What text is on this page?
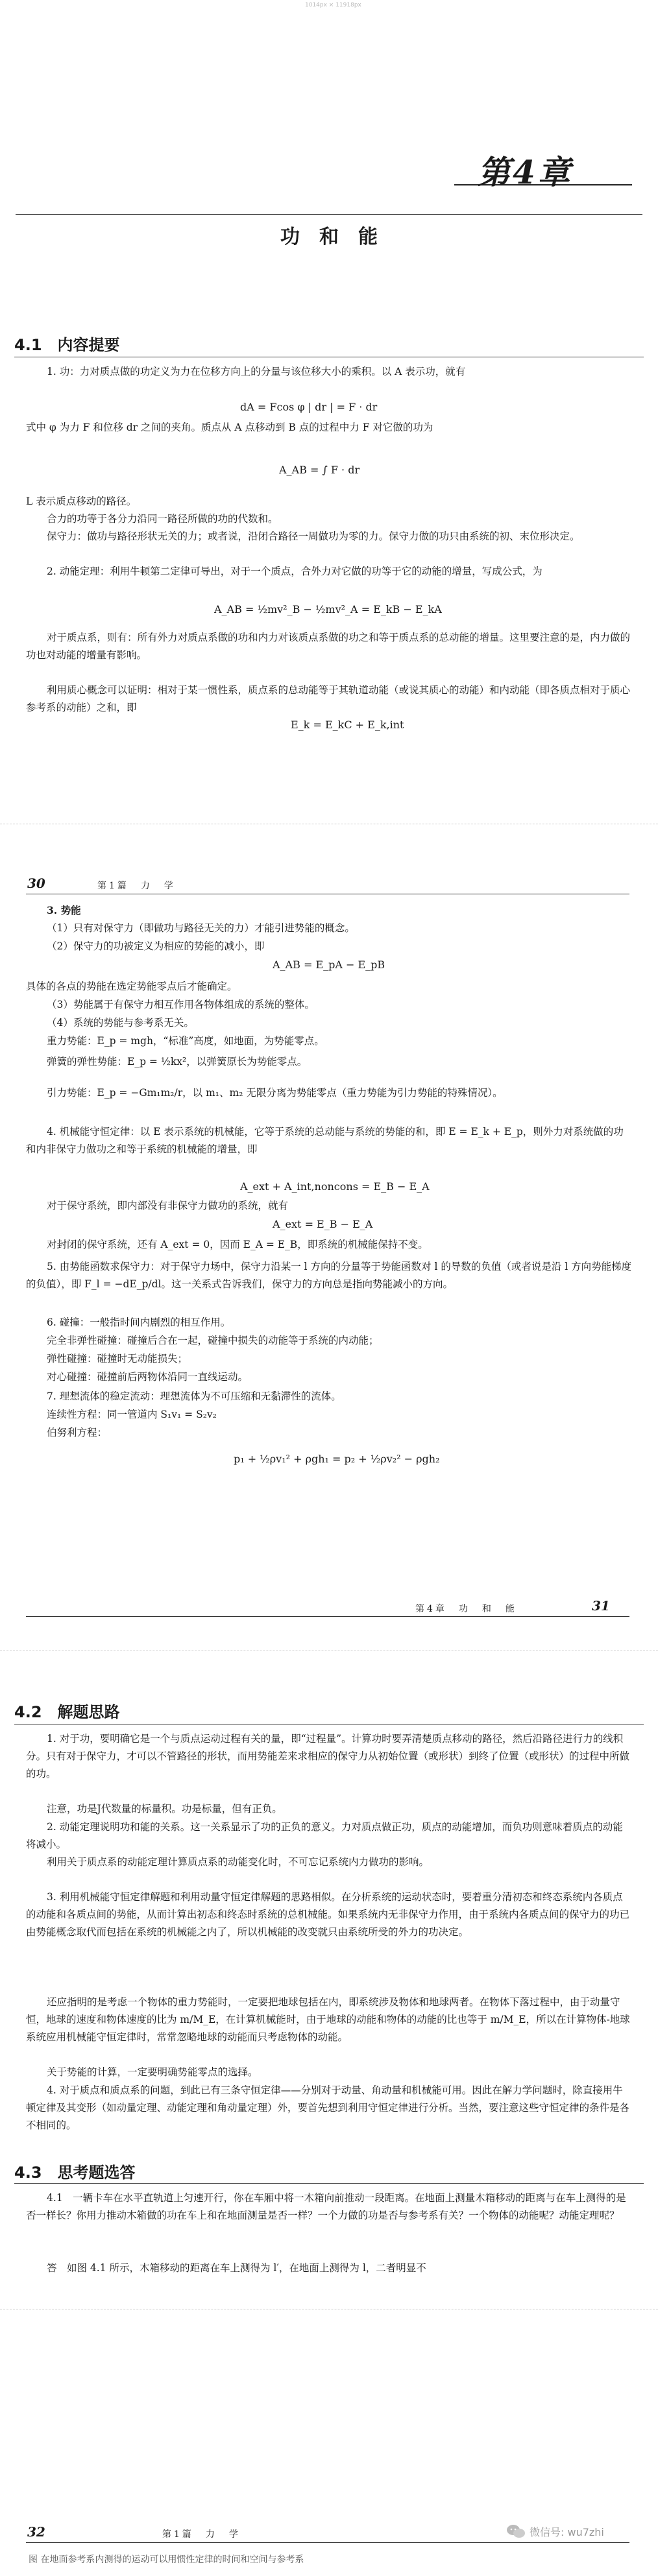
1014px × 11918px
第4章
功　和　能
4.1　内容提要

1. 功：力对质点做的功定义为力在位移方向上的分量与该位移大小的乘积。以 A 表示功，就有

dA = Fcos φ | dr | = F · dr

式中 φ 为力 F 和位移 dr 之间的夹角。质点从 A 点移动到 B 点的过程中力 F 对它做的功为

A_AB = ∫ F · dr

L 表示质点移动的路径。

合力的功等于各分力沿同一路径所做的功的代数和。

保守力：做功与路径形状无关的力；或者说，沿闭合路径一周做功为零的力。保守力做的功只由系统的初、末位形决定。

2. 动能定理：利用牛顿第二定律可导出，对于一个质点，合外力对它做的功等于它的动能的增量，写成公式，为

A_AB = ½mv²_B − ½mv²_A = E_kB − E_kA

对于质点系，则有：所有外力对质点系做的功和内力对该质点系做的功之和等于质点系的总动能的增量。这里要注意的是，内力做的功也对动能的增量有影响。

利用质心概念可以证明：相对于某一惯性系，质点系的总动能等于其轨道动能（或说其质心的动能）和内动能（即各质点相对于质心参考系的动能）之和，即

E_k = E_kC + E_k,int
30	第1篇　力　学

3. 势能

（1）只有对保守力（即做功与路径无关的力）才能引进势能的概念。

（2）保守力的功被定义为相应的势能的减小，即

A_AB = E_pA − E_pB

具体的各点的势能在选定势能零点后才能确定。

（3）势能属于有保守力相互作用各物体组成的系统的整体。

（4）系统的势能与参考系无关。

重力势能：E_p = mgh，“标准”高度，如地面，为势能零点。

弹簧的弹性势能：E_p = ½kx²，以弹簧原长为势能零点。

引力势能：E_p = −Gm₁m₂/r，以 m₁、m₂ 无限分离为势能零点（重力势能为引力势能的特殊情况）。

4. 机械能守恒定律：以 E 表示系统的机械能，它等于系统的总动能与系统的势能的和，即 E = E_k + E_p，则外力对系统做的功和内非保守力做功之和等于系统的机械能的增量，即

A_ext + A_int,noncons = E_B − E_A

对于保守系统，即内部没有非保守力做功的系统，就有

A_ext = E_B − E_A

对封闭的保守系统，还有 A_ext = 0，因而 E_A = E_B，即系统的机械能保持不变。

5. 由势能函数求保守力：对于保守力场中，保守力沿某一 l 方向的分量等于势能函数对 l 的导数的负值（或者说是沿 l 方向势能梯度的负值），即 F_l = −dE_p/dl。这一关系式告诉我们，保守力的方向总是指向势能减小的方向。

6. 碰撞：一般指时间内剧烈的相互作用。

完全非弹性碰撞：碰撞后合在一起，碰撞中损失的动能等于系统的内动能；

弹性碰撞：碰撞时无动能损失；

对心碰撞：碰撞前后两物体沿同一直线运动。

7. 理想流体的稳定流动：理想流体为不可压缩和无黏滞性的流体。

连续性方程：同一管道内 S₁v₁ = S₂v₂

伯努利方程：

p₁ + ½ρv₁² + ρgh₁ = p₂ + ½ρv₂² − ρgh₂
第4章　功　和　能	31
4.2　解题思路

1. 对于功，要明确它是一个与质点运动过程有关的量，即“过程量”。计算功时要弄清楚质点移动的路径，然后沿路径进行力的线积分。只有对于保守力，才可以不管路径的形状，而用势能差来求相应的保守力从初始位置（或形状）到终了位置（或形状）的过程中所做的功。

注意，功是J代数量的标量积。功是标量，但有正负。

2. 动能定理说明功和能的关系。这一关系显示了功的正负的意义。力对质点做正功，质点的动能增加，而负功则意味着质点的动能将减小。

利用关于质点系的动能定理计算质点系的动能变化时，不可忘记系统内力做功的影响。

3. 利用机械能守恒定律解题和利用动量守恒定律解题的思路相似。在分析系统的运动状态时，要着重分清初态和终态系统内各质点的动能和各质点间的势能，从而计算出初态和终态时系统的总机械能。如果系统内无非保守力作用，由于系统内各质点间的保守力的功已由势能概念取代而包括在系统的机械能之内了，所以机械能的改变就只由系统所受的外力的功决定。

还应指明的是考虑一个物体的重力势能时，一定要把地球包括在内，即系统涉及物体和地球两者。在物体下落过程中，由于动量守恒，地球的速度和物体速度的比为 m/M_E，在计算机械能时，由于地球的动能和物体的动能的比也等于 m/M_E，所以在计算物体-地球系统应用机械能守恒定律时，常常忽略地球的动能而只考虑物体的动能。

关于势能的计算，一定要明确势能零点的选择。

4. 对于质点和质点系的问题，到此已有三条守恒定律——分别对于动量、角动量和机械能可用。因此在解力学问题时，除直接用牛顿定律及其变形（如动量定理、动能定理和角动量定理）外，要首先想到利用守恒定律进行分析。当然，要注意这些守恒定律的条件是各不相同的。

4.3　思考题选答

4.1　一辆卡车在水平直轨道上匀速开行，你在车厢中将一木箱向前推动一段距离。在地面上测量木箱移动的距离与在车上测得的是否一样长？你用力推动木箱做的功在车上和在地面测量是否一样？一个力做的功是否与参考系有关？一个物体的动能呢？动能定理呢？

答　如图 4.1 所示，木箱移动的距离在车上测得为 l′，在地面上测得为 l，二者明显不

32	第1篇　力　学
图 在地面参考系内测得的运动可以用惯性定律的时间和空间与参考系
微信号: wu7zhi
